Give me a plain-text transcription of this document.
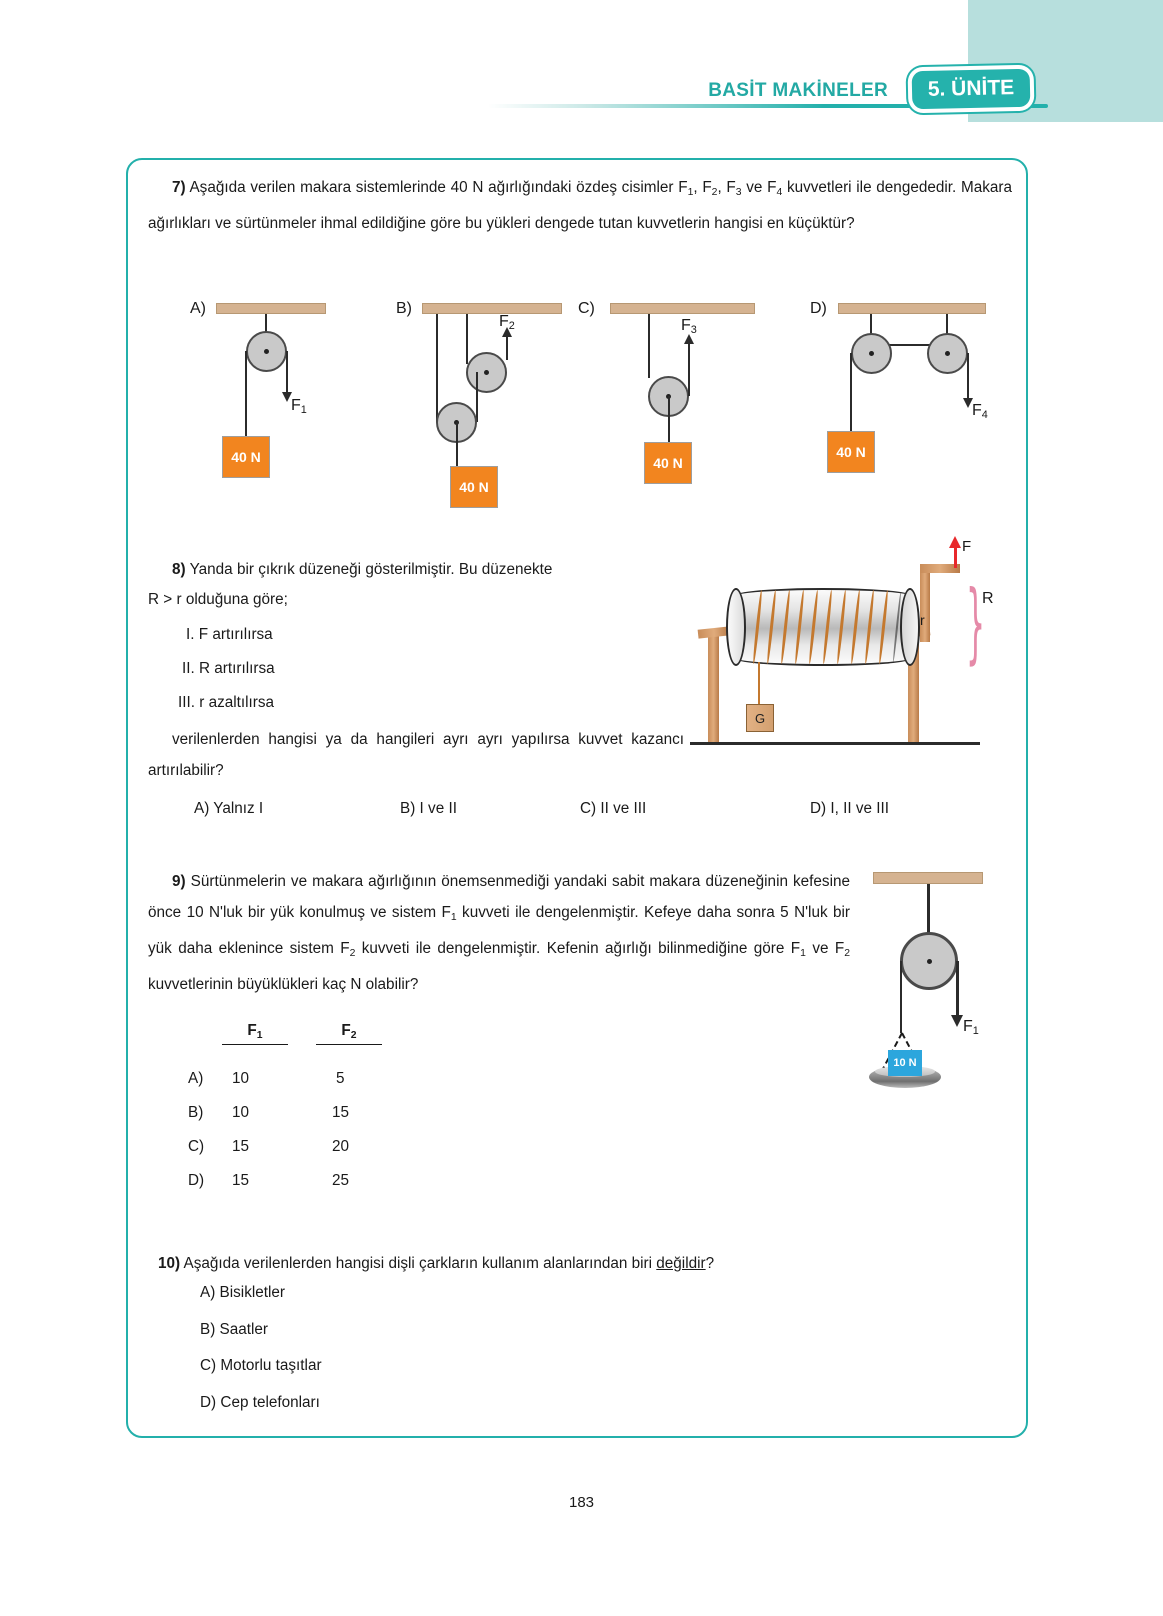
BASİT MAKİNELER	5. ÜNİTE
7) Aşağıda verilen makara sistemlerinde 40 N ağırlığındaki özdeş cisimler $F_1$, $F_2$, $F_3$ ve $F_4$ kuvvetleri ile dengededir. Makara ağırlıkları ve sürtünmeler ihmal edildiğine göre bu yükleri dengede tutan kuvvetlerin hangisi en küçüktür?
A)
$F_1$
40 N
B)
$F_2$
40 N
C)
$F_3$
40 N
D)
$F_4$
40 N
8) Yanda bir çıkrık düzeneği gösterilmiştir. Bu düzenekte
R > r olduğuna göre;
I. F artırılırsa
II. R artırılırsa
III. r azaltılırsa
verilenlerden hangisi ya da hangileri ayrı ayrı yapılırsa kuvvet kazancı artırılabilir?
A) Yalnız I	B) I ve II	C) II ve III	D) I, II ve III
F
}
R
r
G
9) Sürtünmelerin ve makara ağırlığının önemsenmediği yandaki sabit makara düzeneğinin kefesine önce 10 N'luk bir yük konulmuş ve sistem $F_1$ kuvveti ile dengelenmiştir. Kefeye daha sonra 5 N'luk bir yük daha eklenince sistem $F_2$ kuvveti ile dengelenmiştir. Kefenin ağırlığı bilinmediğine göre $F_1$ ve $F_2$ kuvvetlerinin büyüklükleri kaç N olabilir?
$F_1$	$F_2$
A) 10	5
B) 10	15
C) 15	20
D) 15	25
$F_1$
10 N
10) Aşağıda verilenlerden hangisi dişli çarkların kullanım alanlarından biri değildir?
A) Bisikletler
B) Saatler
C) Motorlu taşıtlar
D) Cep telefonları
183
